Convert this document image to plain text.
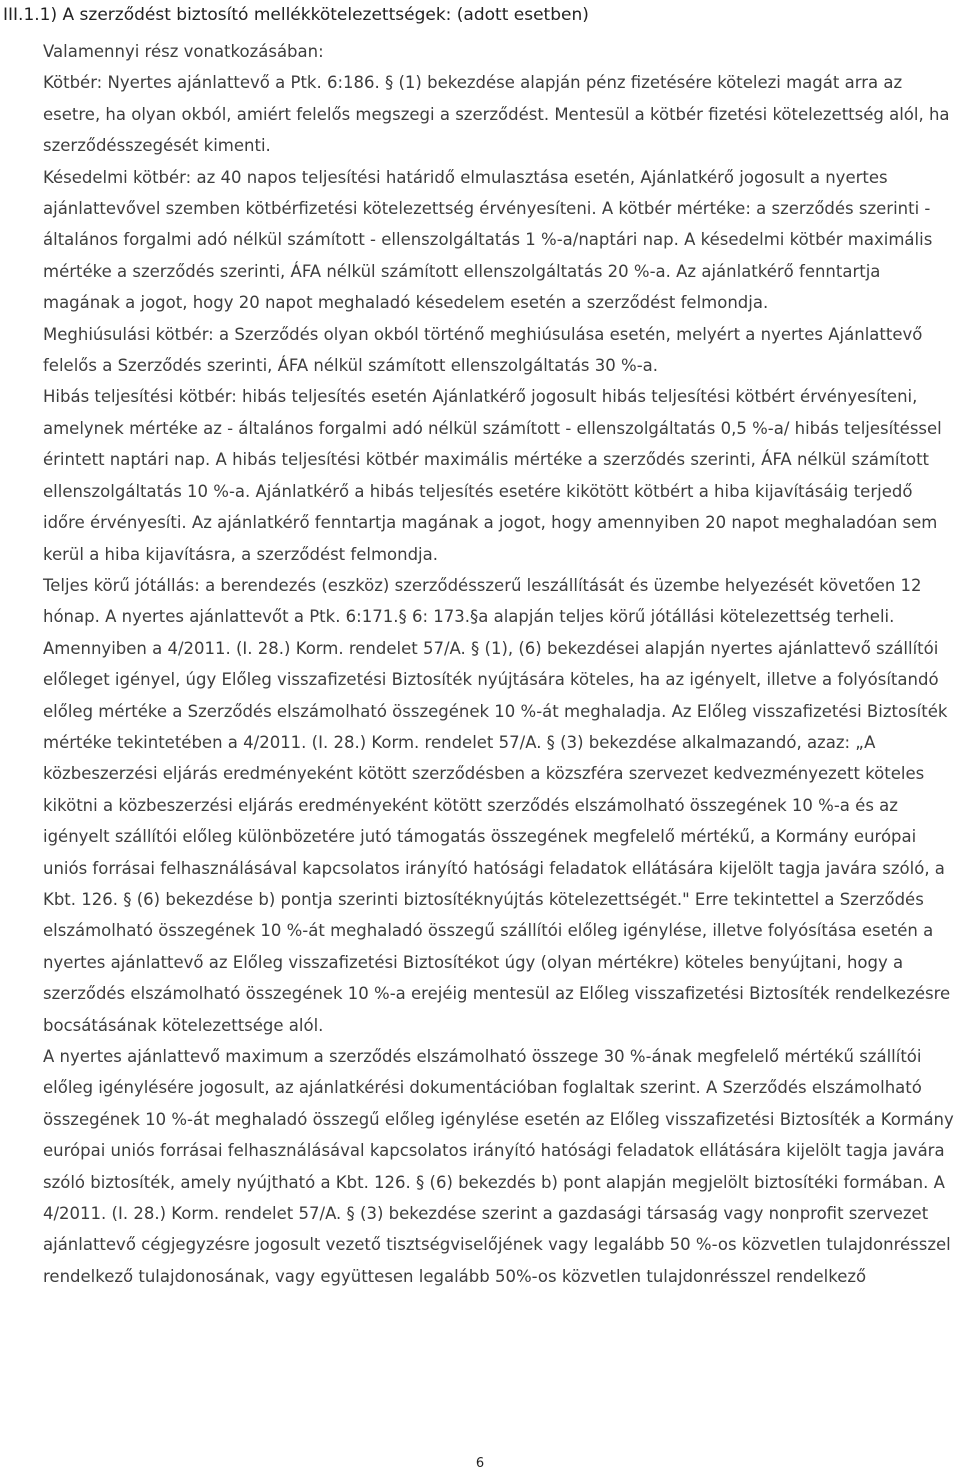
III.1.1) A szerződést biztosító mellékkötelezettségek: (adott esetben)

Valamennyi rész vonatkozásában:

Kötbér: Nyertes ajánlattevő a Ptk. 6:186. § (1) bekezdése alapján pénz fizetésére kötelezi magát arra az esetre, ha olyan okból, amiért felelős megszegi a szerződést. Mentesül a kötbér fizetési kötelezettség alól, ha szerződésszegését kimenti.

Késedelmi kötbér: az 40 napos teljesítési határidő elmulasztása esetén, Ajánlatkérő jogosult a nyertes ajánlattevővel szemben kötbérfizetési kötelezettség érvényesíteni. A kötbér mértéke: a szerződés szerinti - általános forgalmi adó nélkül számított - ellenszolgáltatás 1 %-a/naptári nap. A késedelmi kötbér maximális mértéke a szerződés szerinti, ÁFA nélkül számított ellenszolgáltatás 20 %-a. Az ajánlatkérő fenntartja magának a jogot, hogy 20 napot meghaladó késedelem esetén a szerződést felmondja.

Meghiúsulási kötbér: a Szerződés olyan okból történő meghiúsulása esetén, melyért a nyertes Ajánlattevő felelős a Szerződés szerinti, ÁFA nélkül számított ellenszolgáltatás 30 %-a.

Hibás teljesítési kötbér: hibás teljesítés esetén Ajánlatkérő jogosult hibás teljesítési kötbért érvényesíteni, amelynek mértéke az - általános forgalmi adó nélkül számított - ellenszolgáltatás 0,5 %-a/ hibás teljesítéssel érintett naptári nap. A hibás teljesítési kötbér maximális mértéke a szerződés szerinti, ÁFA nélkül számított ellenszolgáltatás 10 %-a. Ajánlatkérő a hibás teljesítés esetére kikötött kötbért a hiba kijavításáig terjedő időre érvényesíti. Az ajánlatkérő fenntartja magának a jogot, hogy amennyiben 20 napot meghaladóan sem kerül a hiba kijavításra, a szerződést felmondja.

Teljes körű jótállás: a berendezés (eszköz) szerződésszerű leszállítását és üzembe helyezését követően 12 hónap. A nyertes ajánlattevőt a Ptk. 6:171.§ 6: 173.§a alapján teljes körű jótállási kötelezettség terheli.

Amennyiben a 4/2011. (I. 28.) Korm. rendelet 57/A. § (1), (6) bekezdései alapján nyertes ajánlattevő szállítói előleget igényel, úgy Előleg visszafizetési Biztosíték nyújtására köteles, ha az igényelt, illetve a folyósítandó előleg mértéke a Szerződés elszámolható összegének 10 %-át meghaladja. Az Előleg visszafizetési Biztosíték mértéke tekintetében a 4/2011. (I. 28.) Korm. rendelet 57/A. § (3) bekezdése alkalmazandó, azaz: „A közbeszerzési eljárás eredményeként kötött szerződésben a közszféra szervezet kedvezményezett köteles kikötni a közbeszerzési eljárás eredményeként kötött szerződés elszámolható összegének 10 %-a és az igényelt szállítói előleg különbözetére jutó támogatás összegének megfelelő mértékű, a Kormány európai uniós forrásai felhasználásával kapcsolatos irányító hatósági feladatok ellátására kijelölt tagja javára szóló, a Kbt. 126. § (6) bekezdése b) pontja szerinti biztosítéknyújtás kötelezettségét." Erre tekintettel a Szerződés elszámolható összegének 10 %-át meghaladó összegű szállítói előleg igénylése, illetve folyósítása esetén a nyertes ajánlattevő az Előleg visszafizetési Biztosítékot úgy (olyan mértékre) köteles benyújtani, hogy a szerződés elszámolható összegének 10 %-a erejéig mentesül az Előleg visszafizetési Biztosíték rendelkezésre bocsátásának kötelezettsége alól.

A nyertes ajánlattevő maximum a szerződés elszámolható összege 30 %-ának megfelelő mértékű szállítói előleg igénylésére jogosult, az ajánlatkérési dokumentációban foglaltak szerint. A Szerződés elszámolható összegének 10 %-át meghaladó összegű előleg igénylése esetén az Előleg visszafizetési Biztosíték a Kormány európai uniós forrásai felhasználásával kapcsolatos irányító hatósági feladatok ellátására kijelölt tagja javára szóló biztosíték, amely nyújtható a Kbt. 126. § (6) bekezdés b) pont alapján megjelölt biztosítéki formában. A 4/2011. (I. 28.) Korm. rendelet 57/A. § (3) bekezdése szerint a gazdasági társaság vagy nonprofit szervezet ajánlattevő cégjegyzésre jogosult vezető tisztségviselőjének vagy legalább 50 %-os közvetlen tulajdonrésszel rendelkező tulajdonosának, vagy együttesen legalább 50%-os közvetlen tulajdonrésszel rendelkező

6
